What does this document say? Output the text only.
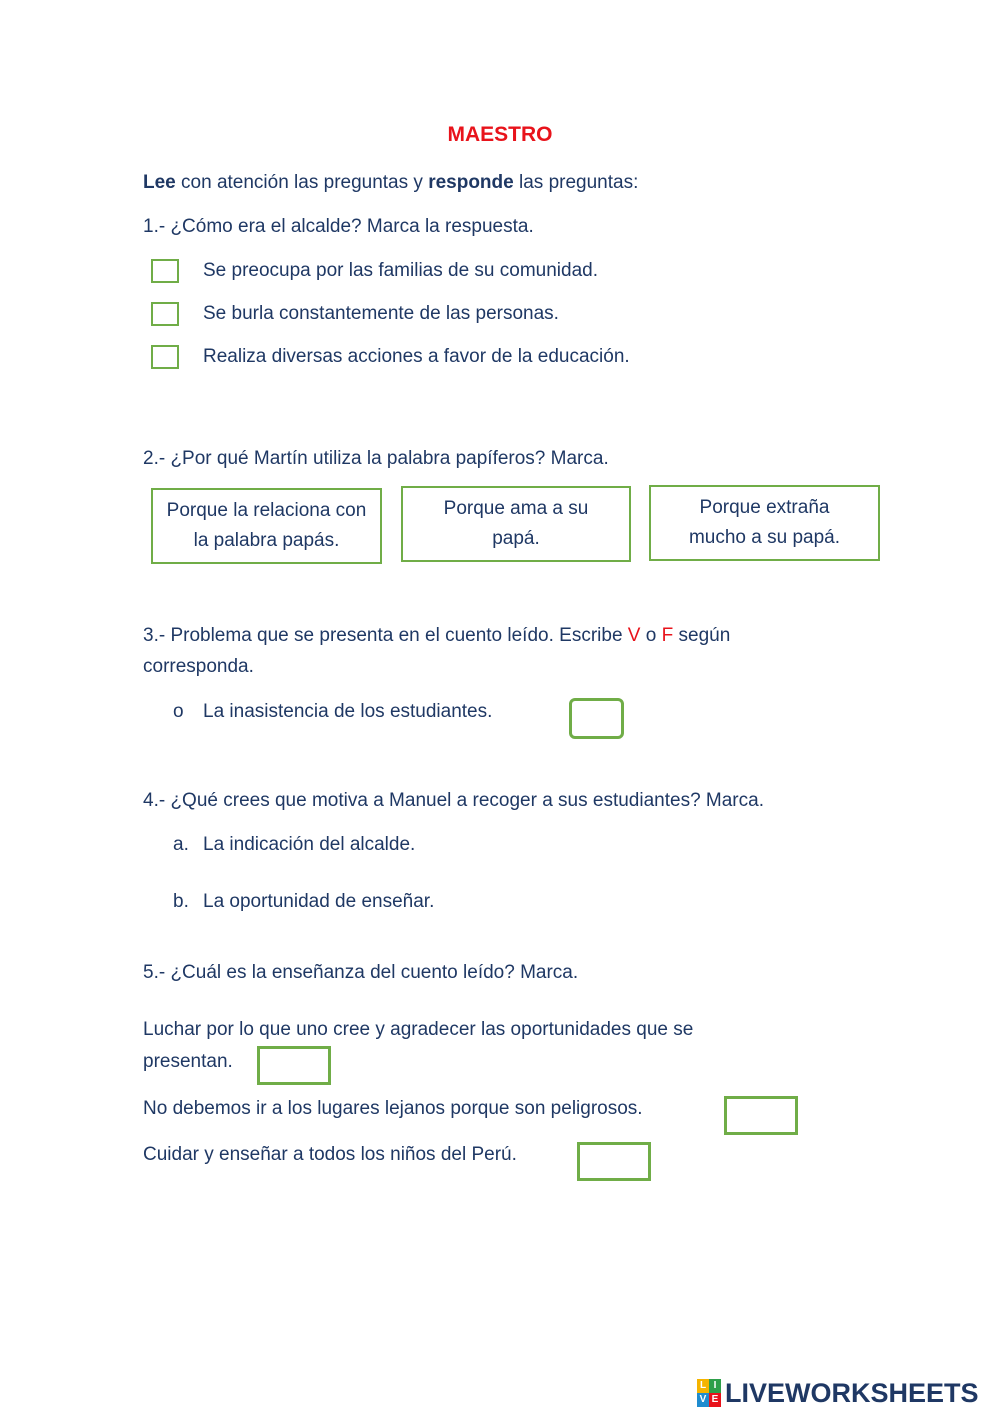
MAESTRO
Lee con atención las preguntas y responde las preguntas:
1.- ¿Cómo era el alcalde? Marca la respuesta.
Se preocupa por las familias de su comunidad.
Se burla constantemente de las personas.
Realiza diversas acciones a favor de la educación.
2.- ¿Por qué Martín utiliza la palabra papíferos? Marca.
Porque la relaciona con la palabra papás.
Porque ama a su papá.
Porque extraña mucho a su papá.
3.- Problema que se presenta en el cuento leído. Escribe V o F según
corresponda.
o La inasistencia de los estudiantes.
4.- ¿Qué crees que motiva a Manuel a recoger a sus estudiantes? Marca.
a. La indicación del alcalde.
b. La oportunidad de enseñar.
5.- ¿Cuál es la enseñanza del cuento leído? Marca.
Luchar por lo que uno cree y agradecer las oportunidades que se
presentan.
No debemos ir a los lugares lejanos porque son peligrosos.
Cuidar y enseñar a todos los niños del Perú.
L I
V E LIVEWORKSHEETS
